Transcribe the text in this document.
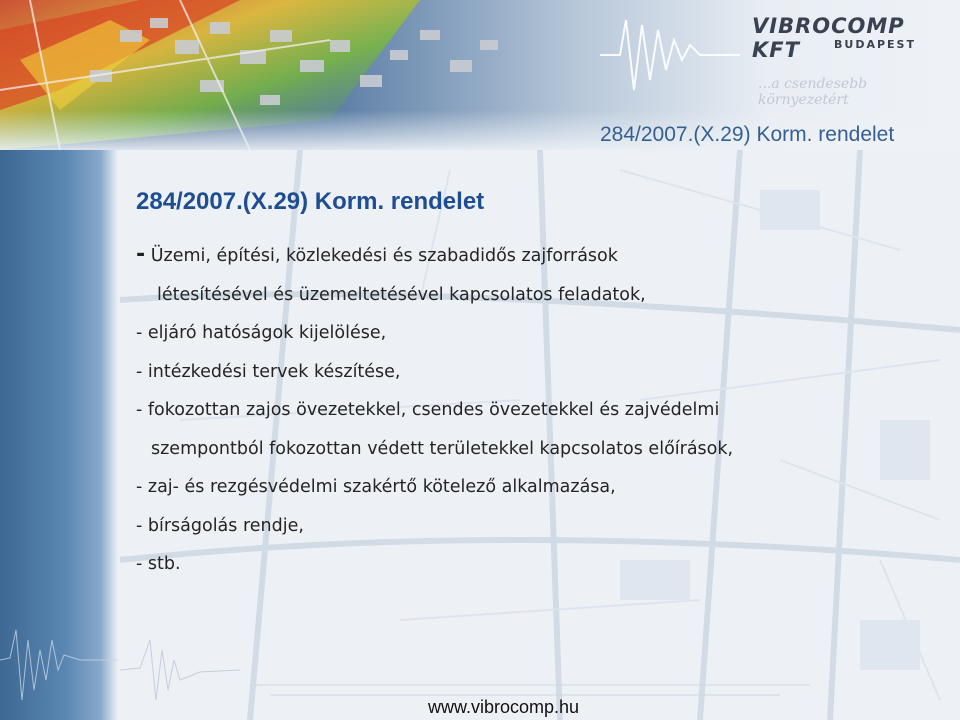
VIBROCOMP KFT	BUDAPEST
...a csendesebb környezetért
284/2007.(X.29) Korm. rendelet
284/2007.(X.29) Korm. rendelet
- Üzemi, építési, közlekedési és szabadidős zajforrások
létesítésével és üzemeltetésével kapcsolatos feladatok,
- eljáró hatóságok kijelölése,
- intézkedési tervek készítése,
- fokozottan zajos övezetekkel, csendes övezetekkel és zajvédelmi
szempontból fokozottan védett területekkel kapcsolatos előírások,
- zaj- és rezgésvédelmi szakértő kötelező alkalmazása,
- bírságolás rendje,
- stb.
www.vibrocomp.hu
